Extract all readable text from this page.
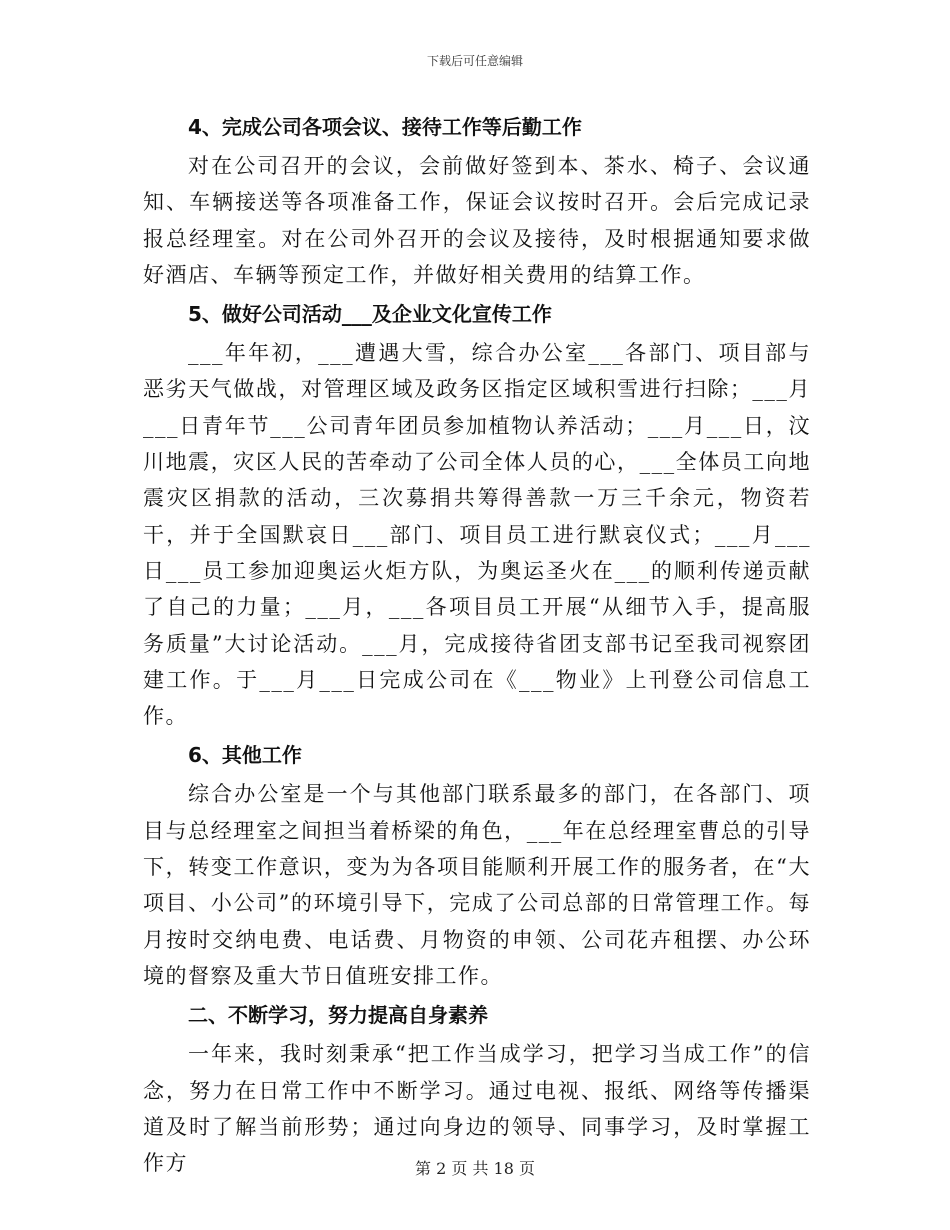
下载后可任意编辑
4、完成公司各项会议、接待工作等后勤工作

对在公司召开的会议，会前做好签到本、茶水、椅子、会议通知、车辆接送等各项准备工作，保证会议按时召开。会后完成记录报总经理室。对在公司外召开的会议及接待，及时根据通知要求做好酒店、车辆等预定工作，并做好相关费用的结算工作。

5、做好公司活动___及企业文化宣传工作

___年年初，___遭遇大雪，综合办公室___各部门、项目部与恶劣天气做战，对管理区域及政务区指定区域积雪进行扫除；___月___日青年节___公司青年团员参加植物认养活动；___月___日，汶川地震，灾区人民的苦牵动了公司全体人员的心，___全体员工向地震灾区捐款的活动，三次募捐共筹得善款一万三千余元，物资若干，并于全国默哀日___部门、项目员工进行默哀仪式；___月___日___员工参加迎奥运火炬方队，为奥运圣火在___的顺利传递贡献了自己的力量；___月，___各项目员工开展“从细节入手，提高服务质量”大讨论活动。___月，完成接待省团支部书记至我司视察团建工作。于___月___日完成公司在《___物业》上刊登公司信息工作。

6、其他工作

综合办公室是一个与其他部门联系最多的部门，在各部门、项目与总经理室之间担当着桥梁的角色，___年在总经理室曹总的引导下，转变工作意识，变为为各项目能顺利开展工作的服务者，在“大项目、小公司”的环境引导下，完成了公司总部的日常管理工作。每月按时交纳电费、电话费、月物资的申领、公司花卉租摆、办公环境的督察及重大节日值班安排工作。

二、不断学习，努力提高自身素养

一年来，我时刻秉承“把工作当成学习，把学习当成工作”的信念，努力在日常工作中不断学习。通过电视、报纸、网络等传播渠道及时了解当前形势；通过向身边的领导、同事学习，及时掌握工作方	第 2 页 共 18 页
